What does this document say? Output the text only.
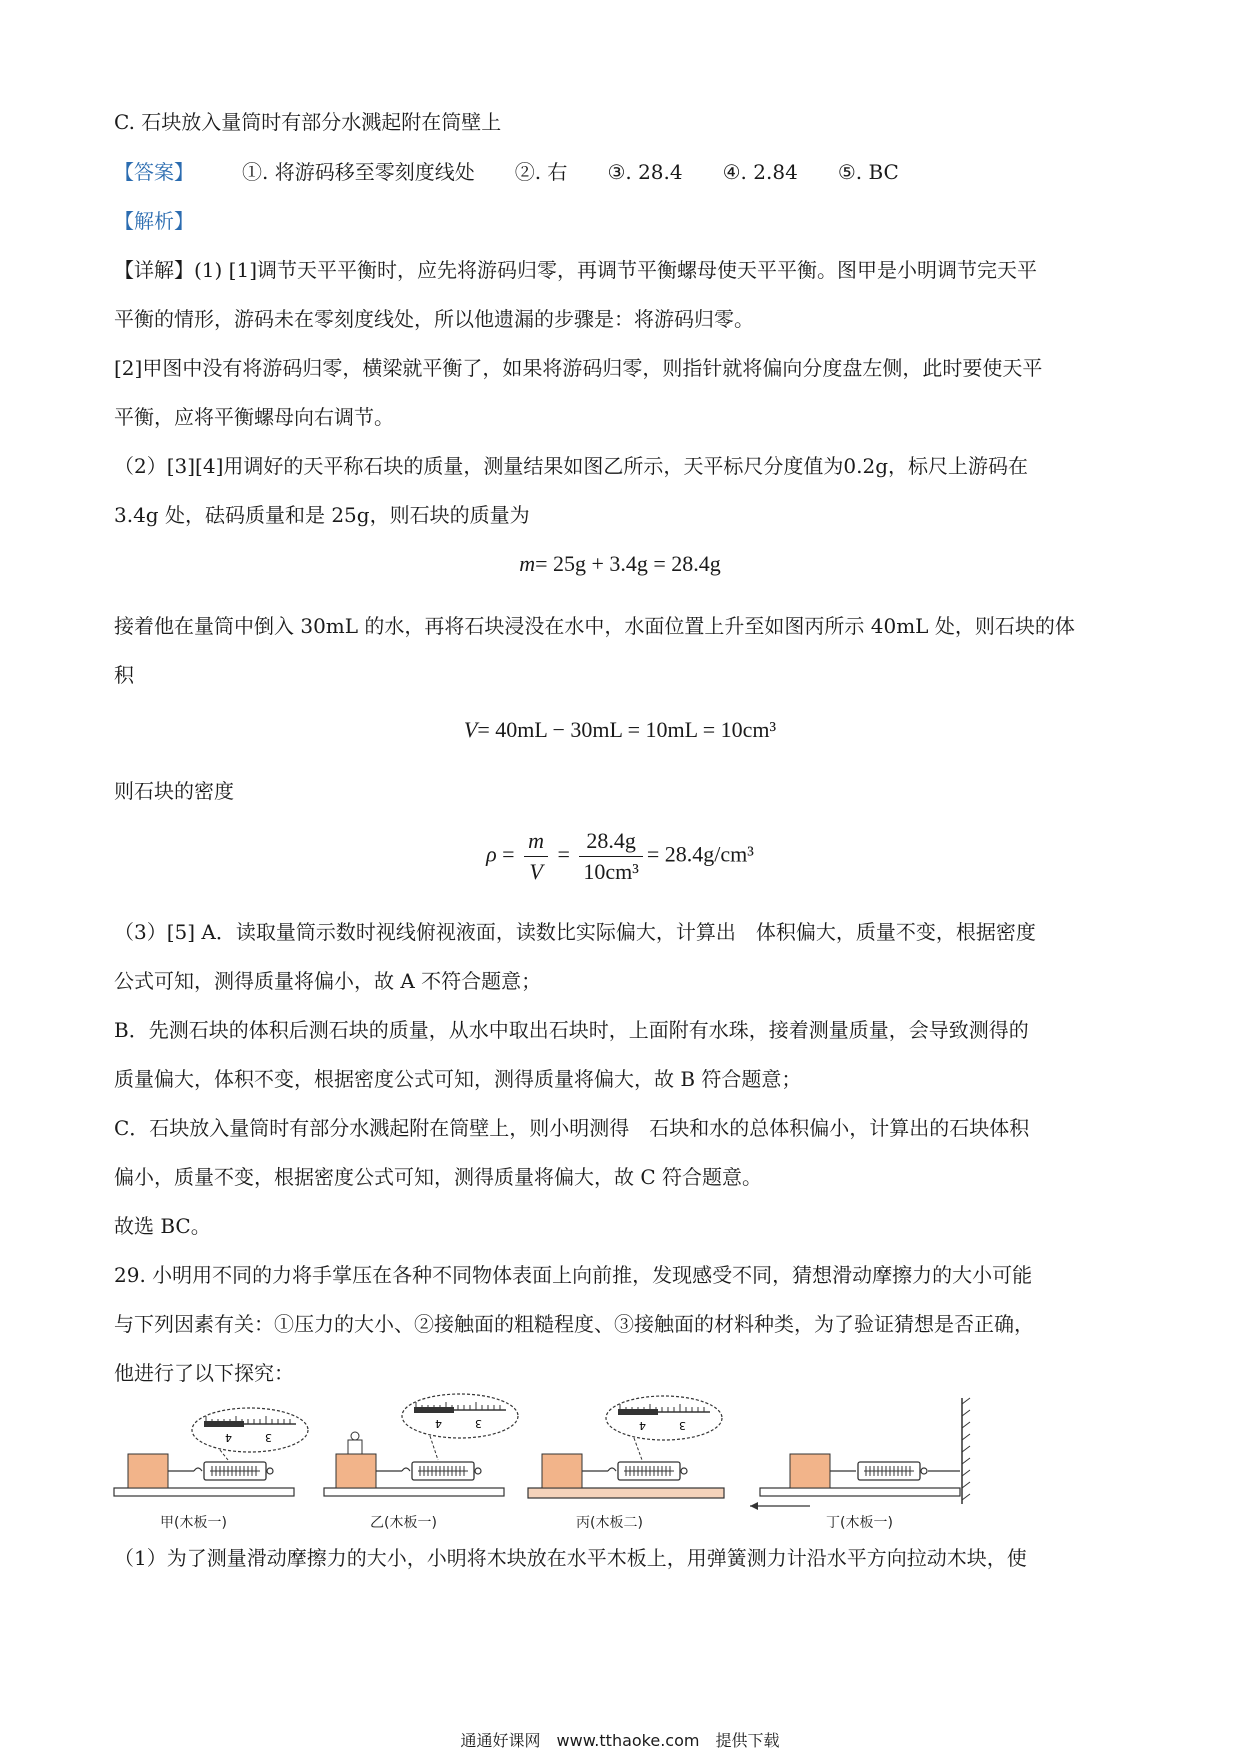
C. 石块放入量筒时有部分水溅起附在筒壁上
【答案】 ①. 将游码移至零刻度线处 ②. 右 ③. 28.4 ④. 2.84 ⑤. BC
【解析】
【详解】(1) [1]调节天平平衡时，应先将游码归零，再调节平衡螺母使天平平衡。图甲是小明调节完天平
平衡的情形，游码未在零刻度线处，所以他遗漏的步骤是：将游码归零。
[2]甲图中没有将游码归零，横梁就平衡了，如果将游码归零，则指针就将偏向分度盘左侧，此时要使天平
平衡，应将平衡螺母向右调节。
（2）[3][4]用调好的天平称石块的质量，测量结果如图乙所示，天平标尺分度值为0.2g，标尺上游码在
3.4g 处，砝码质量和是 25g，则石块的质量为
m= 25g + 3.4g = 28.4g
接着他在量筒中倒入 30mL 的水，再将石块浸没在水中，水面位置上升至如图丙所示 40mL 处，则石块的体
积
V= 40mL − 30mL = 10mL = 10cm³
则石块的密度
$\rho = \frac{m}{V} = \frac{28.4g}{\text{10cm³}} = 28.4g/cm^3$
（3）[5] A．读取量筒示数时视线俯视液面，读数比实际偏大，计算出　体积偏大，质量不变，根据密度
公式可知，测得质量将偏小，故 A 不符合题意；
B．先测石块的体积后测石块的质量，从水中取出石块时，上面附有水珠，接着测量质量，会导致测得的
质量偏大，体积不变，根据密度公式可知，测得质量将偏大，故 B 符合题意；
C．石块放入量筒时有部分水溅起附在筒壁上，则小明测得　石块和水的总体积偏小，计算出的石块体积
偏小，质量不变，根据密度公式可知，测得质量将偏大，故 C 符合题意。
故选 BC。
29. 小明用不同的力将手掌压在各种不同物体表面上向前推，发现感受不同，猜想滑动摩擦力的大小可能
与下列因素有关：①压力的大小、②接触面的粗糙程度、③接触面的材料种类，为了验证猜想是否正确，
他进行了以下探究：
4	3
甲(木板一)	乙(木板一)	丙(木板二)	丁(木板一)
（1）为了测量滑动摩擦力的大小，小明将木块放在水平木板上，用弹簧测力计沿水平方向拉动木块，使
通通好课网　www.tthaoke.com　提供下载
